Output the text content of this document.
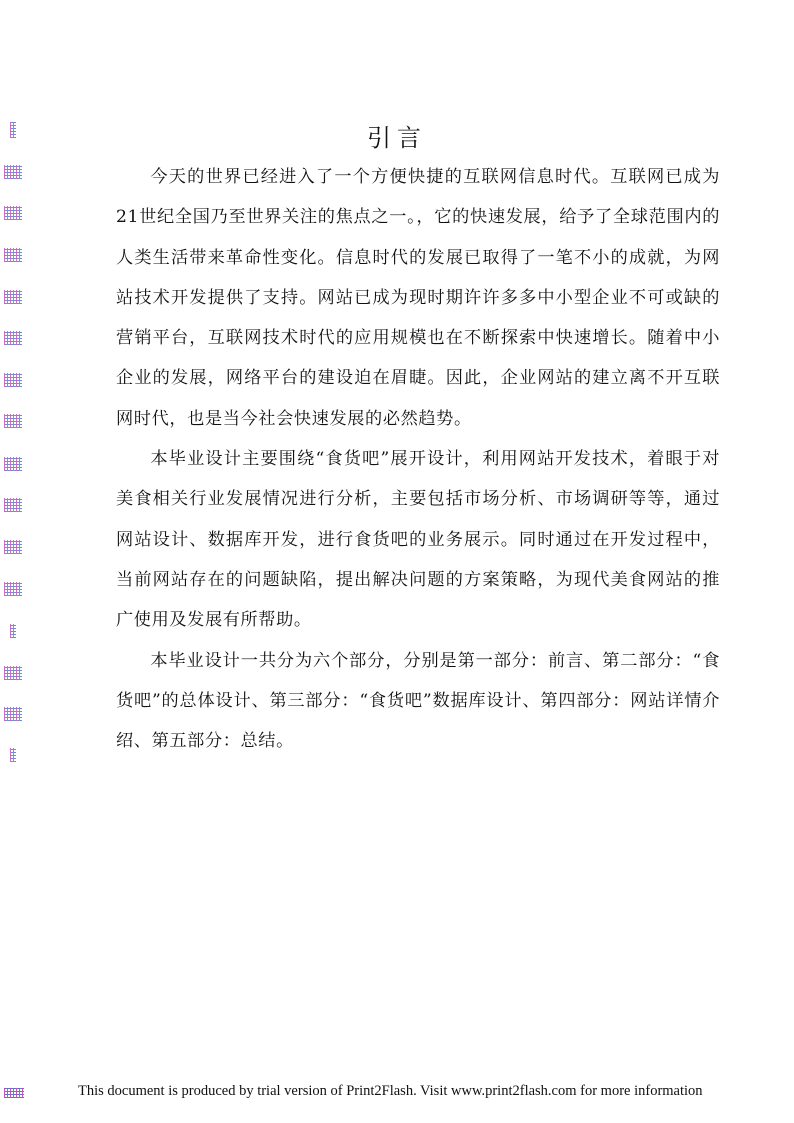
引言

今天的世界已经进入了一个方便快捷的互联网信息时代。互联网已成为21世纪全国乃至世界关注的焦点之一。，它的快速发展，给予了全球范围内的人类生活带来革命性变化。信息时代的发展已取得了一笔不小的成就，为网站技术开发提供了支持。网站已成为现时期许许多多中小型企业不可或缺的营销平台，互联网技术时代的应用规模也在不断探索中快速增长。随着中小企业的发展，网络平台的建设迫在眉睫。因此，企业网站的建立离不开互联网时代，也是当今社会快速发展的必然趋势。

本毕业设计主要围绕“食货吧”展开设计，利用网站开发技术，着眼于对美食相关行业发展情况进行分析，主要包括市场分析、市场调研等等，通过网站设计、数据库开发，进行食货吧的业务展示。同时通过在开发过程中，当前网站存在的问题缺陷，提出解决问题的方案策略，为现代美食网站的推广使用及发展有所帮助。

本毕业设计一共分为六个部分，分别是第一部分：前言、第二部分：“食货吧”的总体设计、第三部分：“食货吧”数据库设计、第四部分：网站详情介绍、第五部分：总结。

This document is produced by trial version of Print2Flash. Visit www.print2flash.com for more information
